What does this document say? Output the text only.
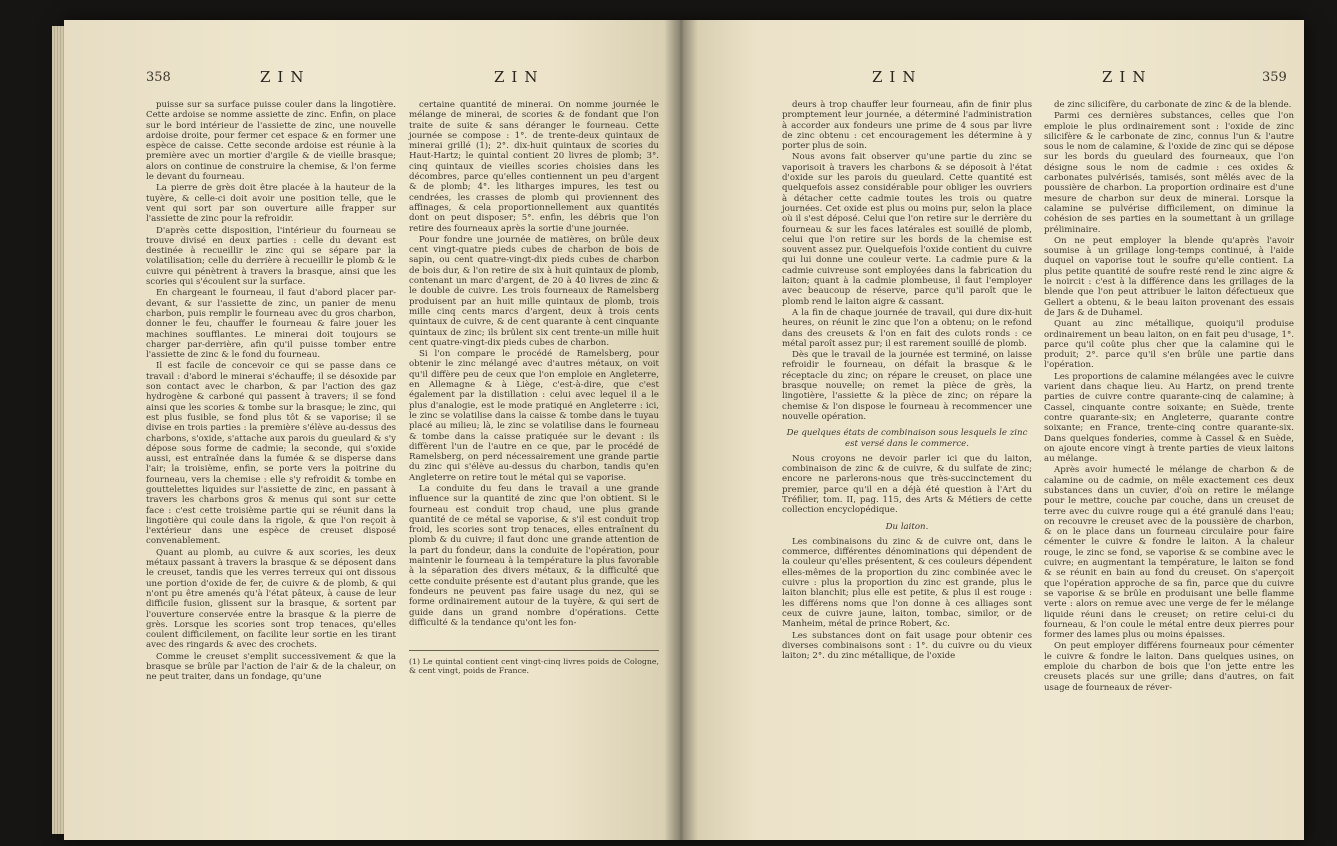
358	ZIN	ZIN

puisse sur sa surface puisse couler dans la lingotière. Cette ardoise se nomme assiette de zinc. Enfin, on place sur le bord intérieur de l'assiette de zinc, une nouvelle ardoise droite, pour fermer cet espace & en former une espèce de caisse. Cette seconde ardoise est réunie à la première avec un mortier d'argile & de vieille brasque; alors on continue de construire la chemise, & l'on ferme le devant du fourneau.

La pierre de grès doit être placée à la hauteur de la tuyère, & celle-ci doit avoir une position telle, que le vent qui sort par son ouverture aille frapper sur l'assiette de zinc pour la refroidir.

D'après cette disposition, l'intérieur du fourneau se trouve divisé en deux parties : celle du devant est destinée à recueillir le zinc qui se sépare par la volatilisation; celle du derrière à recueillir le plomb & le cuivre qui pénètrent à travers la brasque, ainsi que les scories qui s'écoulent sur la surface.

En chargeant le fourneau, il faut d'abord placer par-devant, & sur l'assiette de zinc, un panier de menu charbon, puis remplir le fourneau avec du gros charbon, donner le feu, chauffer le fourneau & faire jouer les machines soufflantes. Le minerai doit toujours se charger par-derrière, afin qu'il puisse tomber entre l'assiette de zinc & le fond du fourneau.

Il est facile de concevoir ce qui se passe dans ce travail : d'abord le minerai s'échauffe; il se désoxide par son contact avec le charbon, & par l'action des gaz hydrogène & carboné qui passent à travers; il se fond ainsi que les scories & tombe sur la brasque; le zinc, qui est plus fusible, se fond plus tôt & se vaporise; il se divise en trois parties : la première s'élève au-dessus des charbons, s'oxide, s'attache aux parois du gueulard & s'y dépose sous forme de cadmie; la seconde, qui s'oxide aussi, est entraînée dans la fumée & se disperse dans l'air; la troisième, enfin, se porte vers la poitrine du fourneau, vers la chemise : elle s'y refroidit & tombe en gouttelettes liquides sur l'assiette de zinc, en passant à travers les charbons gros & menus qui sont sur cette face : c'est cette troisième partie qui se réunit dans la lingotière qui coule dans la rigole, & que l'on reçoit à l'extérieur dans une espèce de creuset disposé convenablement.

Quant au plomb, au cuivre & aux scories, les deux métaux passant à travers la brasque & se déposent dans le creuset, tandis que les verres terreux qui ont dissous une portion d'oxide de fer, de cuivre & de plomb, & qui n'ont pu être amenés qu'à l'état pâteux, à cause de leur difficile fusion, glissent sur la brasque, & sortent par l'ouverture conservée entre la brasque & la pierre de grès. Lorsque les scories sont trop tenaces, qu'elles coulent difficilement, on facilite leur sortie en les tirant avec des ringards & avec des crochets.

Comme le creuset s'emplit successivement & que la brasque se brûle par l'action de l'air & de la chaleur, on ne peut traiter, dans un fondage, qu'une

certaine quantité de minerai. On nomme journée le mélange de minerai, de scories & de fondant que l'on traite de suite & sans déranger le fourneau. Cette journée se compose : 1°. de trente-deux quintaux de minerai grillé (1); 2°. dix-huit quintaux de scories du Haut-Hartz; le quintal contient 20 livres de plomb; 3°. cinq quintaux de vieilles scories choisies dans les décombres, parce qu'elles contiennent un peu d'argent & de plomb; 4°. les litharges impures, les test ou cendrées, les crasses de plomb qui proviennent des affinages, & cela proportionnellement aux quantités dont on peut disposer; 5°. enfin, les débris que l'on retire des fourneaux après la sortie d'une journée.

Pour fondre une journée de matières, on brûle deux cent vingt-quatre pieds cubes de charbon de bois de sapin, ou cent quatre-vingt-dix pieds cubes de charbon de bois dur, & l'on retire de six à huit quintaux de plomb, contenant un marc d'argent, de 20 à 40 livres de zinc & le double de cuivre. Les trois fourneaux de Ramelsberg produisent par an huit mille quintaux de plomb, trois mille cinq cents marcs d'argent, deux à trois cents quintaux de cuivre, & de cent quarante à cent cinquante quintaux de zinc; ils brûlent six cent trente-un mille huit cent quatre-vingt-dix pieds cubes de charbon.

Si l'on compare le procédé de Ramelsberg, pour obtenir le zinc mélangé avec d'autres métaux, on voit qu'il diffère peu de ceux que l'on emploie en Angleterre, en Allemagne & à Liège, c'est-à-dire, que c'est également par la distillation : celui avec lequel il a le plus d'analogie, est le mode pratiqué en Angleterre : ici, le zinc se volatilise dans la caisse & tombe dans le tuyau placé au milieu; là, le zinc se volatilise dans le fourneau & tombe dans la caisse pratiquée sur le devant : ils diffèrent l'un de l'autre en ce que, par le procédé de Ramelsberg, on perd nécessairement une grande partie du zinc qui s'élève au-dessus du charbon, tandis qu'en Angleterre on retire tout le métal qui se vaporise.

La conduite du feu dans le travail a une grande influence sur la quantité de zinc que l'on obtient. Si le fourneau est conduit trop chaud, une plus grande quantité de ce métal se vaporise, & s'il est conduit trop froid, les scories sont trop tenaces, elles entraînent du plomb & du cuivre; il faut donc une grande attention de la part du fondeur, dans la conduite de l'opération, pour maintenir le fourneau à la température la plus favorable à la séparation des divers métaux, & la difficulté que cette conduite présente est d'autant plus grande, que les fondeurs ne peuvent pas faire usage du nez, qui se forme ordinairement autour de la tuyère, & qui sert de guide dans un grand nombre d'opérations. Cette difficulté & la tendance qu'ont les fon-

(1) Le quintal contient cent vingt-cinq livres poids de Cologne, & cent vingt, poids de France.
ZIN	ZIN	359

deurs à trop chauffer leur fourneau, afin de finir plus promptement leur journée, a déterminé l'administration à accorder aux fondeurs une prime de 4 sous par livre de zinc obtenu : cet encouragement les détermine à y porter plus de soin.

Nous avons fait observer qu'une partie du zinc se vaporisoit à travers les charbons & se déposoit à l'état d'oxide sur les parois du gueulard. Cette quantité est quelquefois assez considérable pour obliger les ouvriers à détacher cette cadmie toutes les trois ou quatre journées. Cet oxide est plus ou moins pur, selon la place où il s'est déposé. Celui que l'on retire sur le derrière du fourneau & sur les faces latérales est souillé de plomb, celui que l'on retire sur les bords de la chemise est souvent assez pur. Quelquefois l'oxide contient du cuivre qui lui donne une couleur verte. La cadmie pure & la cadmie cuivreuse sont employées dans la fabrication du laiton; quant à la cadmie plombeuse, il faut l'employer avec beaucoup de réserve, parce qu'il paroît que le plomb rend le laiton aigre & cassant.

A la fin de chaque journée de travail, qui dure dix-huit heures, on réunit le zinc que l'on a obtenu; on le refond dans des creusets & l'on en fait des culots ronds : ce métal paroît assez pur; il est rarement souillé de plomb.

Dès que le travail de la journée est terminé, on laisse refroidir le fourneau, on défait la brasque & le réceptacle du zinc; on répare le creuset, on place une brasque nouvelle; on remet la pièce de grès, la lingotière, l'assiette & la pièce de zinc; on répare la chemise & l'on dispose le fourneau à recommencer une nouvelle opération.

De quelques états de combinaison sous lesquels le zinc est versé dans le commerce.

Nous croyons ne devoir parler ici que du laiton, combinaison de zinc & de cuivre, & du sulfate de zinc; encore ne parlerons-nous que très-succinctement du premier, parce qu'il en a déjà été question à l'Art du Tréfilier, tom. II, pag. 115, des Arts & Métiers de cette collection encyclopédique.

Du laiton.

Les combinaisons du zinc & de cuivre ont, dans le commerce, différentes dénominations qui dépendent de la couleur qu'elles présentent, & ces couleurs dépendent elles-mêmes de la proportion du zinc combinée avec le cuivre : plus la proportion du zinc est grande, plus le laiton blanchit; plus elle est petite, & plus il est rouge : les différens noms que l'on donne à ces alliages sont ceux de cuivre jaune, laiton, tombac, similor, or de Manheim, métal de prince Robert, &c.

Les substances dont on fait usage pour obtenir ces diverses combinaisons sont : 1°. du cuivre ou du vieux laiton; 2°. du zinc métallique, de l'oxide

de zinc silicifère, du carbonate de zinc & de la blende.

Parmi ces dernières substances, celles que l'on emploie le plus ordinairement sont : l'oxide de zinc silicifère & le carbonate de zinc, connus l'un & l'autre sous le nom de calamine, & l'oxide de zinc qui se dépose sur les bords du gueulard des fourneaux, que l'on désigne sous le nom de cadmie : ces oxides & carbonates pulvérisés, tamisés, sont mêlés avec de la poussière de charbon. La proportion ordinaire est d'une mesure de charbon sur deux de minerai. Lorsque la calamine se pulvérise difficilement, on diminue la cohésion de ses parties en la soumettant à un grillage préliminaire.

On ne peut employer la blende qu'après l'avoir soumise à un grillage long-temps continué, à l'aide duquel on vaporise tout le soufre qu'elle contient. La plus petite quantité de soufre resté rend le zinc aigre & le noircit : c'est à la différence dans les grillages de la blende que l'on peut attribuer le laiton défectueux que Gellert a obtenu, & le beau laiton provenant des essais de Jars & de Duhamel.

Quant au zinc métallique, quoiqu'il produise ordinairement un beau laiton, on en fait peu d'usage, 1°. parce qu'il coûte plus cher que la calamine qui le produit; 2°. parce qu'il s'en brûle une partie dans l'opération.

Les proportions de calamine mélangées avec le cuivre varient dans chaque lieu. Au Hartz, on prend trente parties de cuivre contre quarante-cinq de calamine; à Cassel, cinquante contre soixante; en Suède, trente contre quarante-six; en Angleterre, quarante contre soixante; en France, trente-cinq contre quarante-six. Dans quelques fonderies, comme à Cassel & en Suède, on ajoute encore vingt à trente parties de vieux laitons au mélange.

Après avoir humecté le mélange de charbon & de calamine ou de cadmie, on mêle exactement ces deux substances dans un cuvier, d'où on retire le mélange pour le mettre, couche par couche, dans un creuset de terre avec du cuivre rouge qui a été granulé dans l'eau; on recouvre le creuset avec de la poussière de charbon, & on le place dans un fourneau circulaire pour faire cémenter le cuivre & fondre le laiton. A la chaleur rouge, le zinc se fond, se vaporise & se combine avec le cuivre; en augmentant la température, le laiton se fond & se réunit en bain au fond du creuset. On s'aperçoit que l'opération approche de sa fin, parce que du cuivre se vaporise & se brûle en produisant une belle flamme verte : alors on remue avec une verge de fer le mélange liquide réuni dans le creuset; on retire celui-ci du fourneau, & l'on coule le métal entre deux pierres pour former des lames plus ou moins épaisses.

On peut employer différens fourneaux pour cémenter le cuivre & fondre le laiton. Dans quelques usines, on emploie du charbon de bois que l'on jette entre les creusets placés sur une grille; dans d'autres, on fait usage de fourneaux de réver-
